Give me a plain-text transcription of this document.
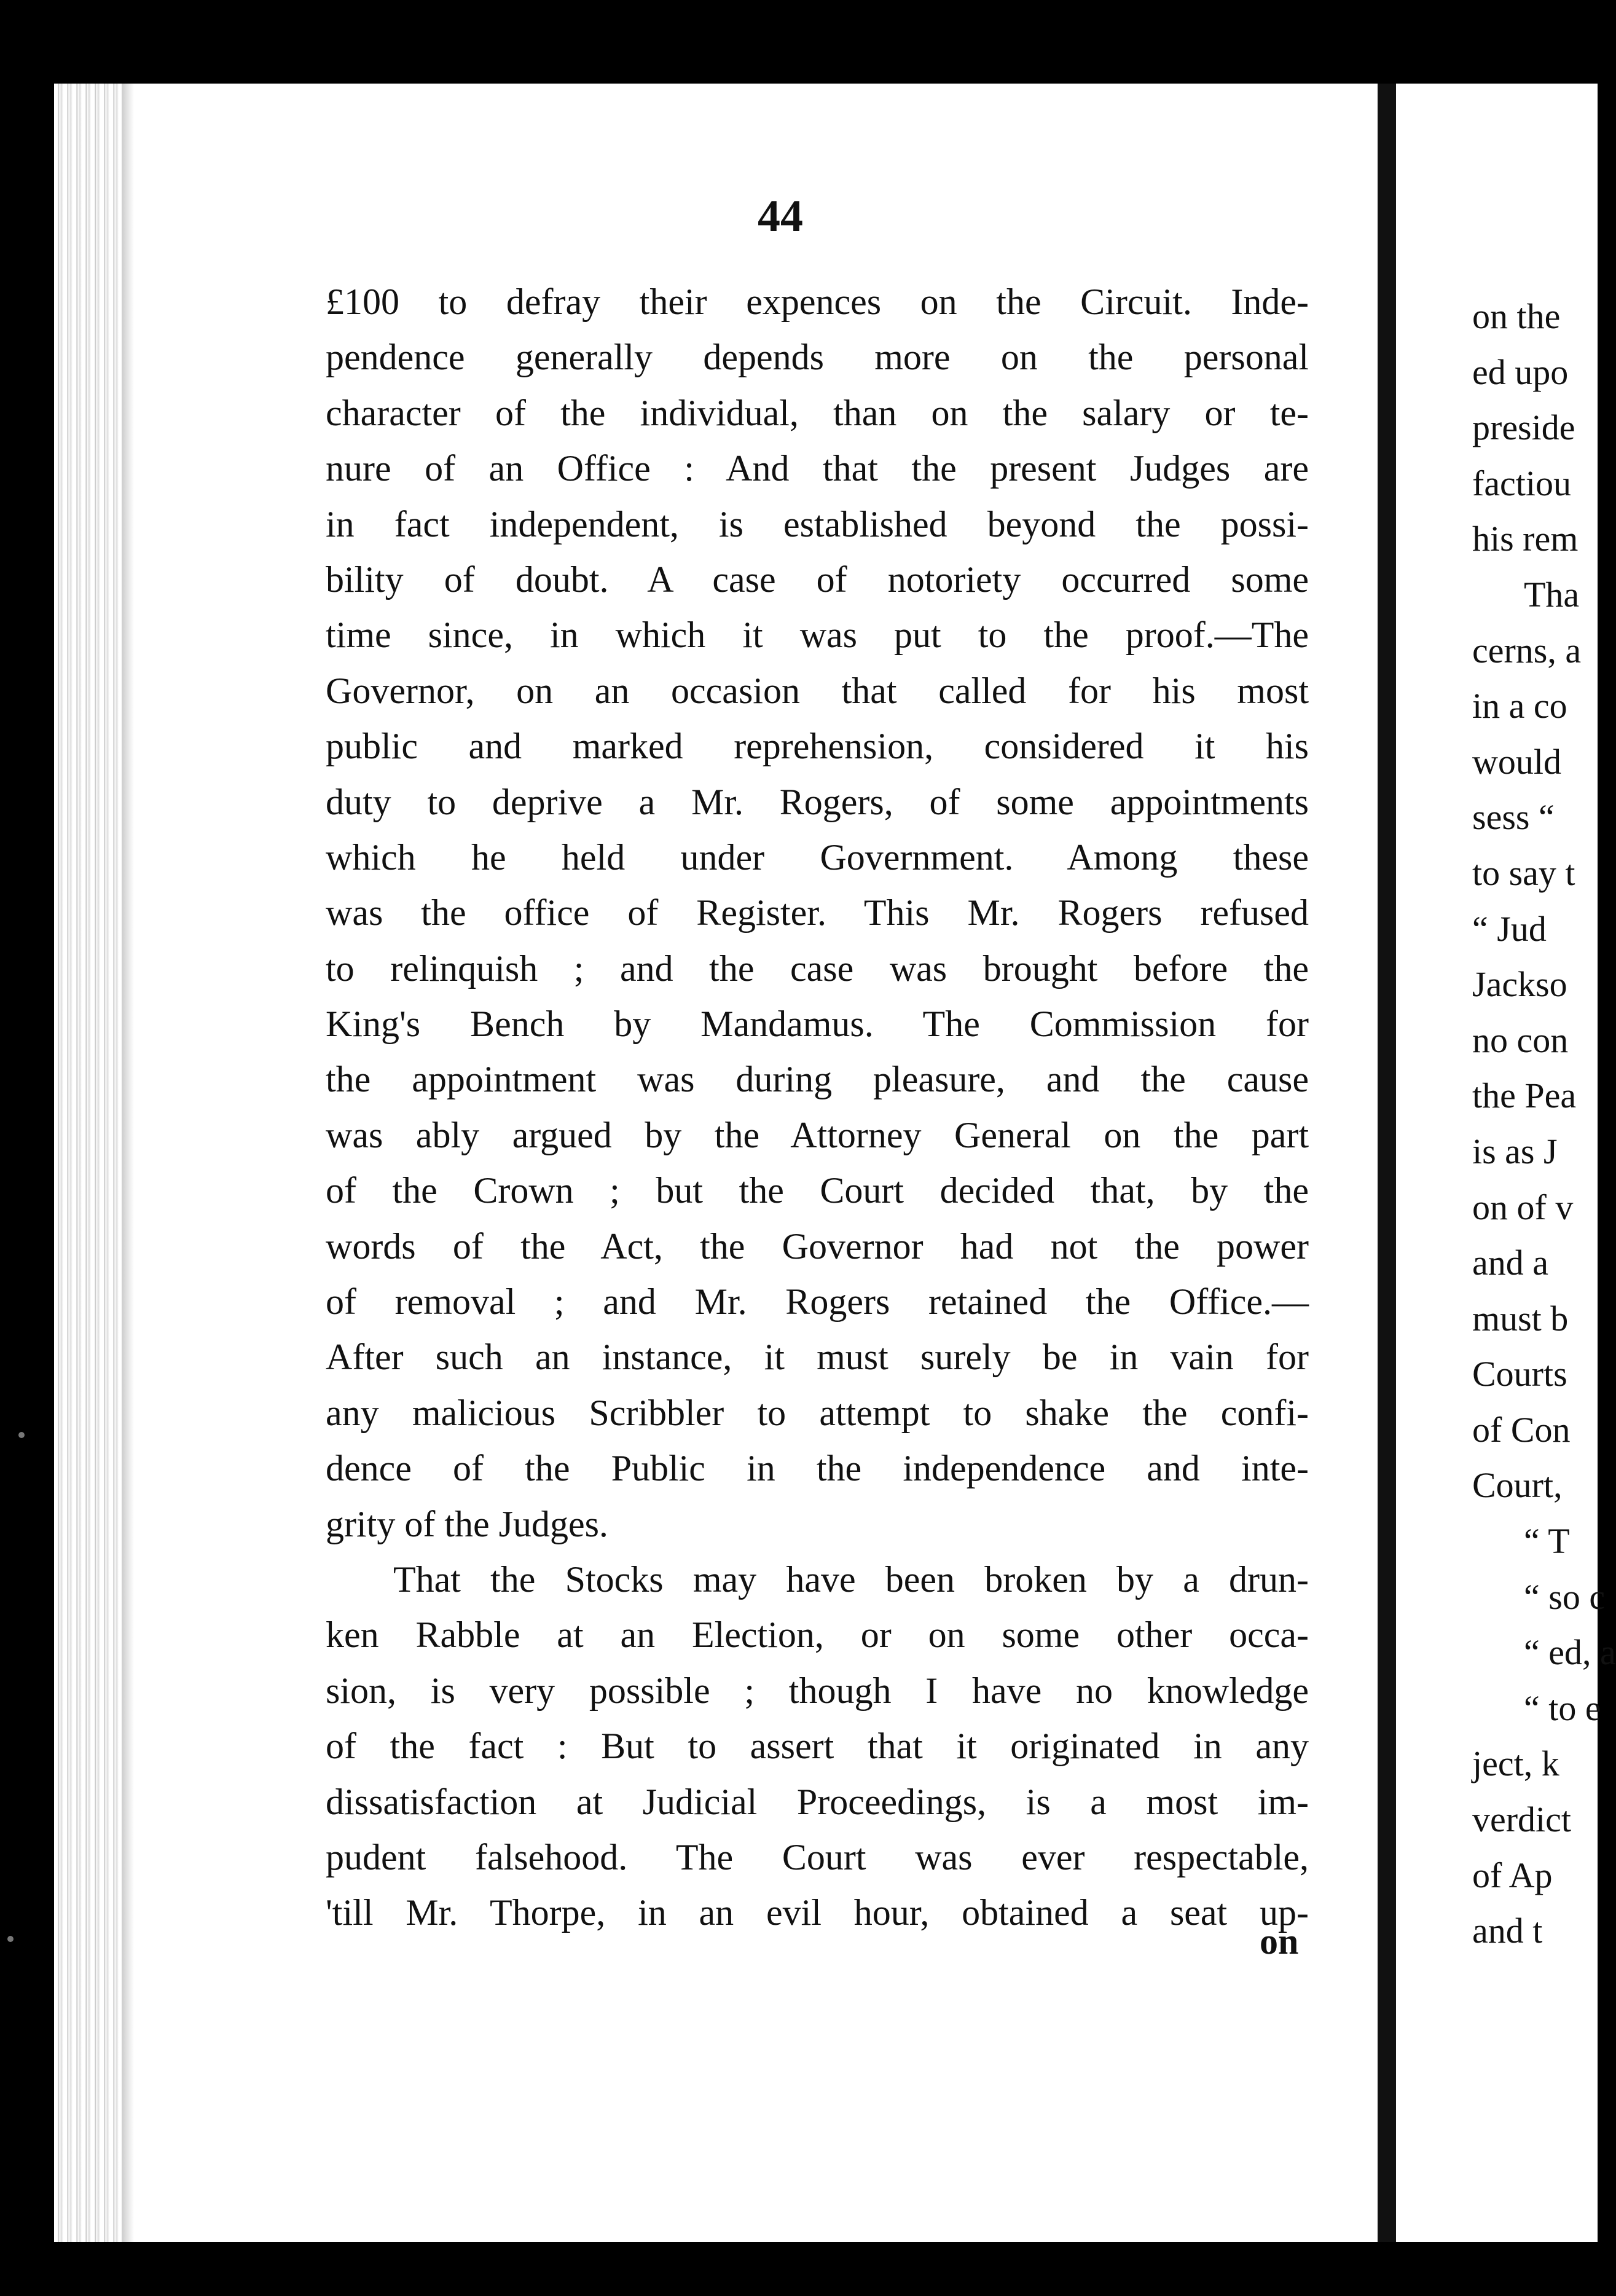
44
£100 to defray their expences on the Circuit. Inde-
pendence generally depends more on the personal
character of the individual, than on the salary or te-
nure of an Office : And that the present Judges are
in fact independent, is established beyond the possi-
bility of doubt. A case of notoriety occurred some
time since, in which it was put to the proof.—The
Governor, on an occasion that called for his most
public and marked reprehension, considered it his
duty to deprive a Mr. Rogers, of some appointments
which he held under Government. Among these
was the office of Register. This Mr. Rogers refused
to relinquish ; and the case was brought before the
King's Bench by Mandamus. The Commission for
the appointment was during pleasure, and the cause
was ably argued by the Attorney General on the part
of the Crown ; but the Court decided that, by the
words of the Act, the Governor had not the power
of removal ; and Mr. Rogers retained the Office.—
After such an instance, it must surely be in vain for
any malicious Scribbler to attempt to shake the confi-
dence of the Public in the independence and inte-
grity of the Judges.
That the Stocks may have been broken by a drun-
ken Rabble at an Election, or on some other occa-
sion, is very possible ; though I have no knowledge
of the fact : But to assert that it originated in any
dissatisfaction at Judicial Proceedings, is a most im-
pudent falsehood. The Court was ever respectable,
'till Mr. Thorpe, in an evil hour, obtained a seat up-
on
on the
ed upo
preside
factiou
his rem
Tha
cerns, a
in a co
would
sess “
to say t
“ Jud
Jackso
no con
the Pea
is as J
on of v
and a
must b
Courts
of Con
Court,
“ T
“ so c
“ ed, a
“ to e
ject, k
verdict
of Ap
and t
